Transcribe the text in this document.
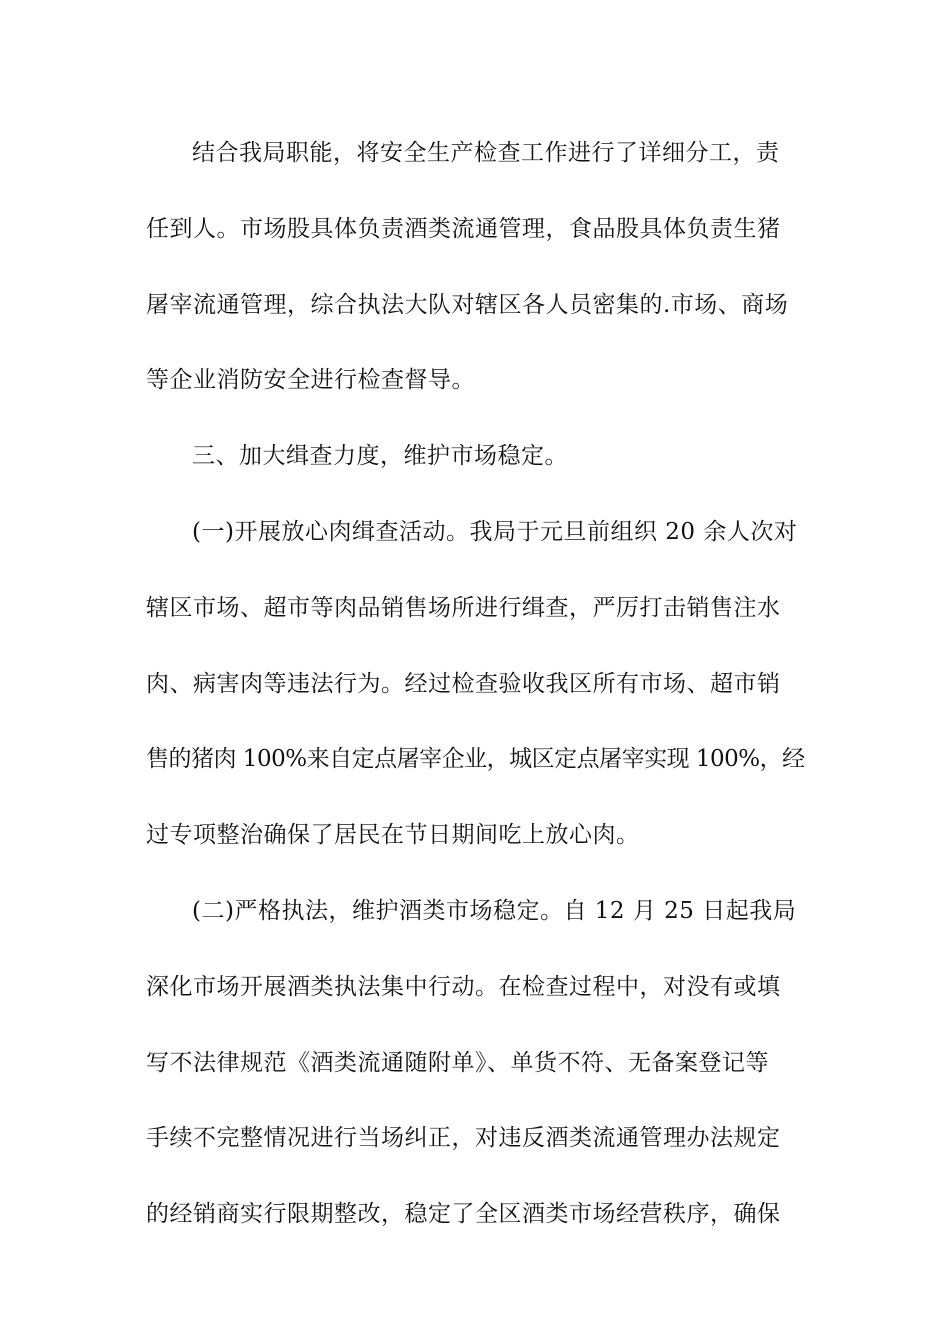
结合我局职能，将安全生产检查工作进行了详细分工，责
任到人。市场股具体负责酒类流通管理，食品股具体负责生猪
屠宰流通管理，综合执法大队对辖区各人员密集的.市场、商场
等企业消防安全进行检查督导。
三、加大缉查力度，维护市场稳定。
(一)开展放心肉缉查活动。我局于元旦前组织 20 余人次对
辖区市场、超市等肉品销售场所进行缉查，严厉打击销售注水
肉、病害肉等违法行为。经过检查验收我区所有市场、超市销
售的猪肉 100%来自定点屠宰企业，城区定点屠宰实现 100%，经
过专项整治确保了居民在节日期间吃上放心肉。
(二)严格执法，维护酒类市场稳定。自 12 月 25 日起我局
深化市场开展酒类执法集中行动。在检查过程中，对没有或填
写不法律规范《酒类流通随附单》、单货不符、无备案登记等
手续不完整情况进行当场纠正，对违反酒类流通管理办法规定
的经销商实行限期整改，稳定了全区酒类市场经营秩序，确保
